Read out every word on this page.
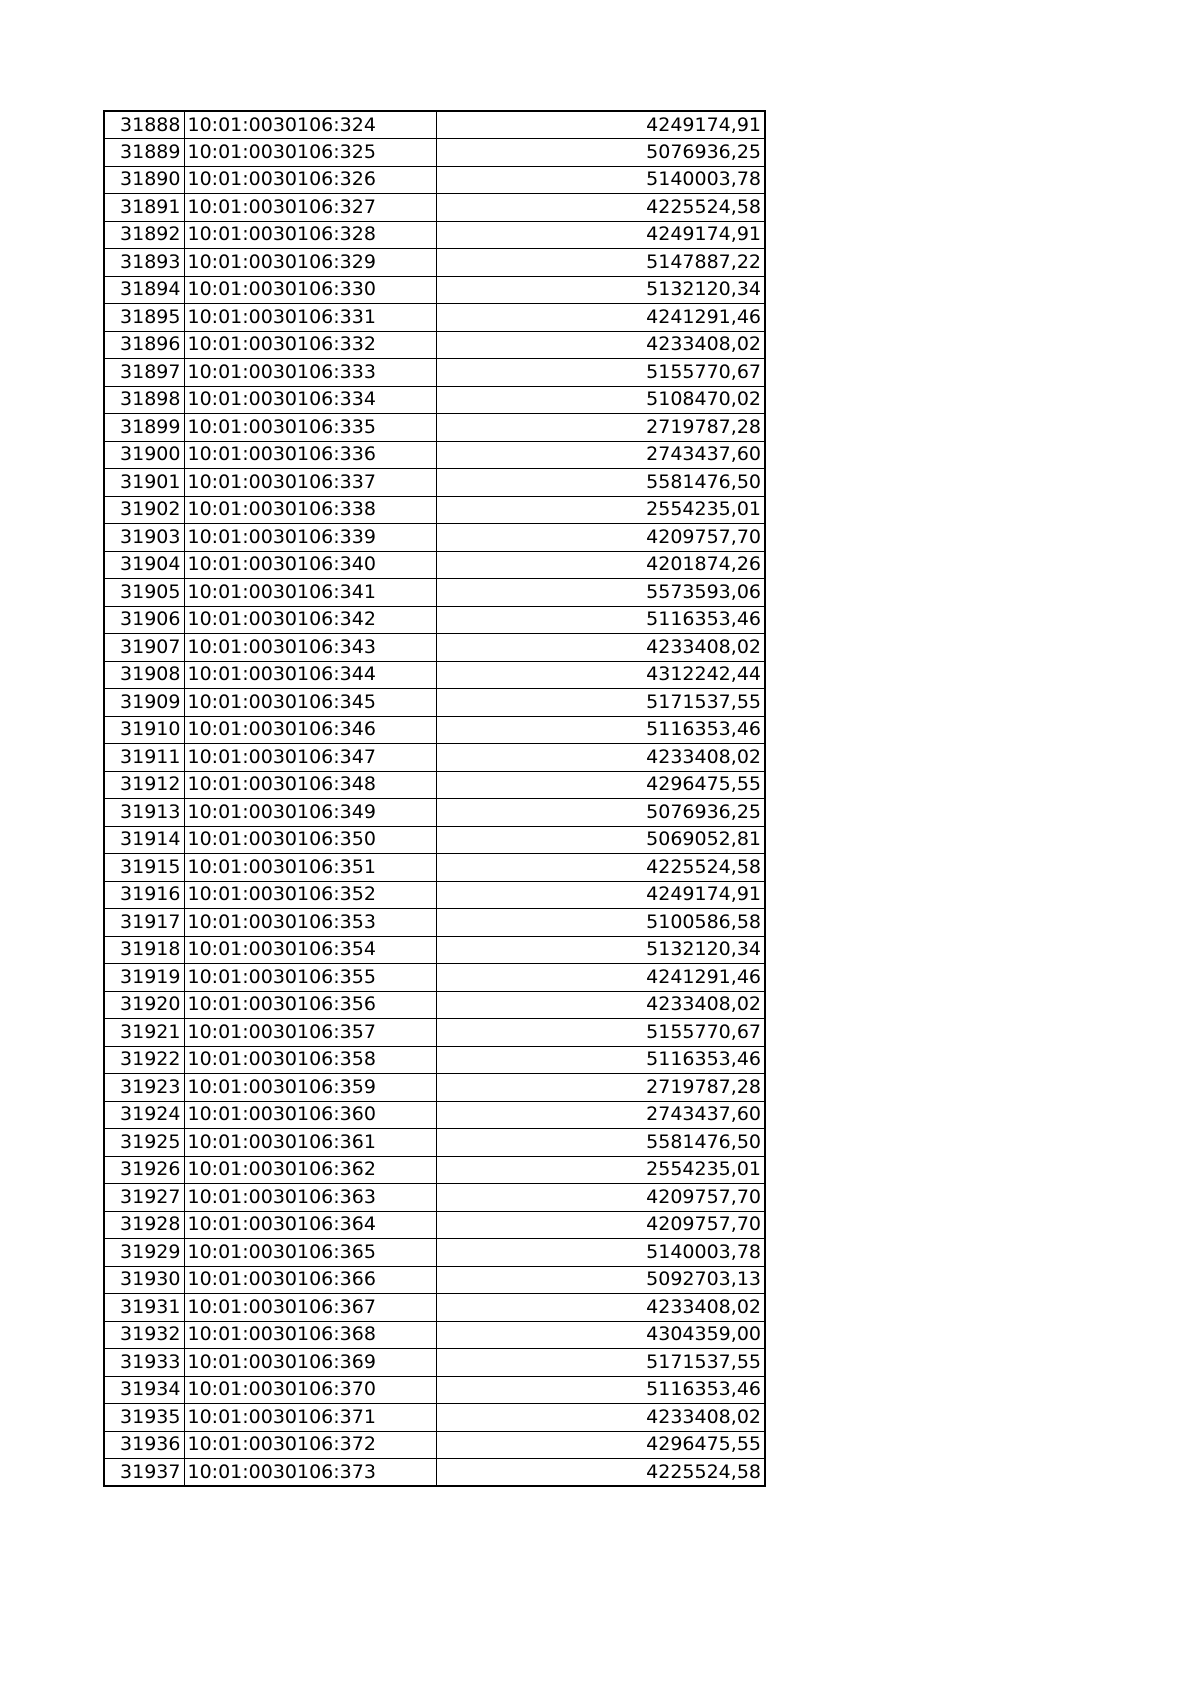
31888	10:01:0030106:324	4249174,91
31889	10:01:0030106:325	5076936,25
31890	10:01:0030106:326	5140003,78
31891	10:01:0030106:327	4225524,58
31892	10:01:0030106:328	4249174,91
31893	10:01:0030106:329	5147887,22
31894	10:01:0030106:330	5132120,34
31895	10:01:0030106:331	4241291,46
31896	10:01:0030106:332	4233408,02
31897	10:01:0030106:333	5155770,67
31898	10:01:0030106:334	5108470,02
31899	10:01:0030106:335	2719787,28
31900	10:01:0030106:336	2743437,60
31901	10:01:0030106:337	5581476,50
31902	10:01:0030106:338	2554235,01
31903	10:01:0030106:339	4209757,70
31904	10:01:0030106:340	4201874,26
31905	10:01:0030106:341	5573593,06
31906	10:01:0030106:342	5116353,46
31907	10:01:0030106:343	4233408,02
31908	10:01:0030106:344	4312242,44
31909	10:01:0030106:345	5171537,55
31910	10:01:0030106:346	5116353,46
31911	10:01:0030106:347	4233408,02
31912	10:01:0030106:348	4296475,55
31913	10:01:0030106:349	5076936,25
31914	10:01:0030106:350	5069052,81
31915	10:01:0030106:351	4225524,58
31916	10:01:0030106:352	4249174,91
31917	10:01:0030106:353	5100586,58
31918	10:01:0030106:354	5132120,34
31919	10:01:0030106:355	4241291,46
31920	10:01:0030106:356	4233408,02
31921	10:01:0030106:357	5155770,67
31922	10:01:0030106:358	5116353,46
31923	10:01:0030106:359	2719787,28
31924	10:01:0030106:360	2743437,60
31925	10:01:0030106:361	5581476,50
31926	10:01:0030106:362	2554235,01
31927	10:01:0030106:363	4209757,70
31928	10:01:0030106:364	4209757,70
31929	10:01:0030106:365	5140003,78
31930	10:01:0030106:366	5092703,13
31931	10:01:0030106:367	4233408,02
31932	10:01:0030106:368	4304359,00
31933	10:01:0030106:369	5171537,55
31934	10:01:0030106:370	5116353,46
31935	10:01:0030106:371	4233408,02
31936	10:01:0030106:372	4296475,55
31937	10:01:0030106:373	4225524,58
